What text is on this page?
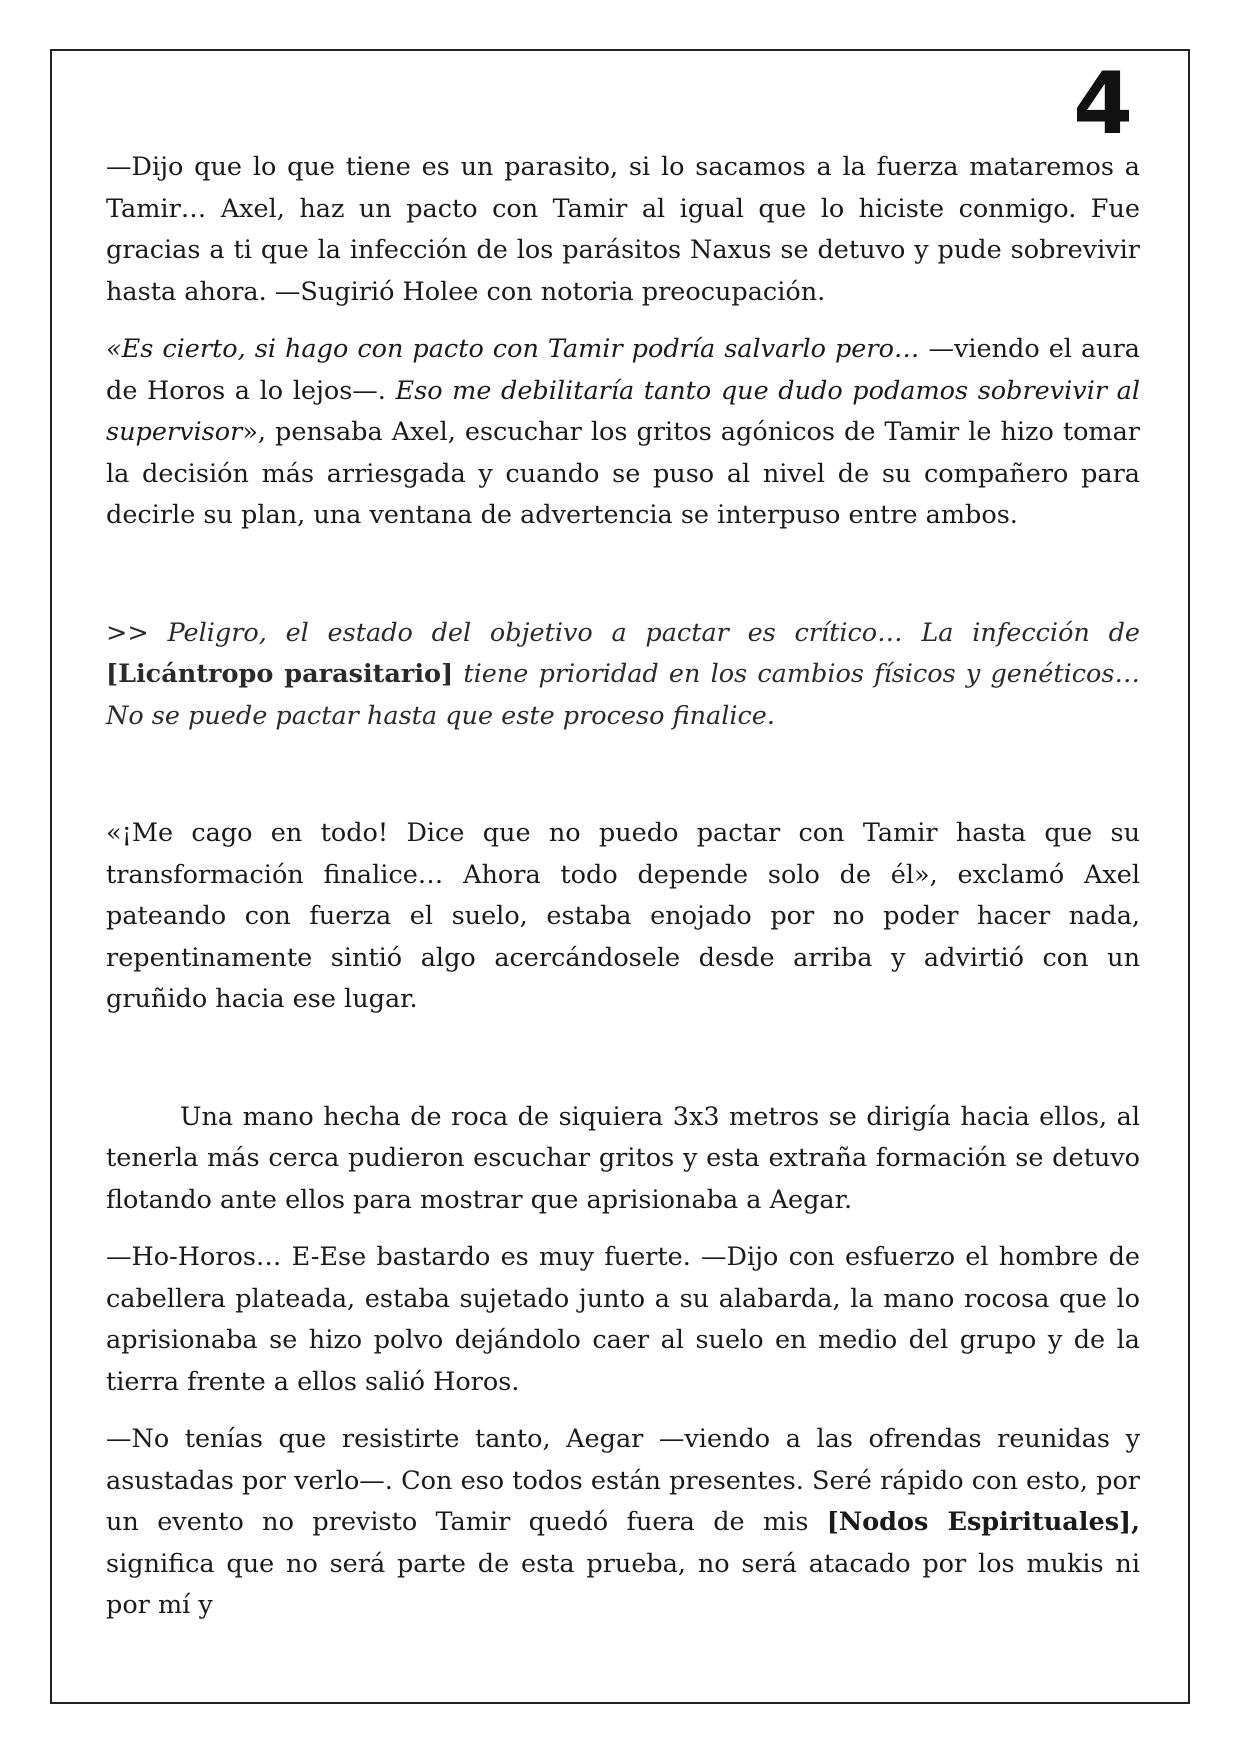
4

—Dijo que lo que tiene es un parasito, si lo sacamos a la fuerza mataremos a Tamir… Axel, haz un pacto con Tamir al igual que lo hiciste conmigo. Fue gracias a ti que la infección de los parásitos Naxus se detuvo y pude sobrevivir hasta ahora. —Sugirió Holee con notoria preocupación.

«Es cierto, si hago con pacto con Tamir podría salvarlo pero… —viendo el aura de Horos a lo lejos—. Eso me debilitaría tanto que dudo podamos sobrevivir al supervisor», pensaba Axel, escuchar los gritos agónicos de Tamir le hizo tomar la decisión más arriesgada y cuando se puso al nivel de su compañero para decirle su plan, una ventana de advertencia se interpuso entre ambos.

>> Peligro, el estado del objetivo a pactar es crítico… La infección de [Licántropo parasitario] tiene prioridad en los cambios físicos y genéticos… No se puede pactar hasta que este proceso finalice.

«¡Me cago en todo! Dice que no puedo pactar con Tamir hasta que su transformación finalice… Ahora todo depende solo de él», exclamó Axel pateando con fuerza el suelo, estaba enojado por no poder hacer nada, repentinamente sintió algo acercándosele desde arriba y advirtió con un gruñido hacia ese lugar.

Una mano hecha de roca de siquiera 3x3 metros se dirigía hacia ellos, al tenerla más cerca pudieron escuchar gritos y esta extraña formación se detuvo flotando ante ellos para mostrar que aprisionaba a Aegar.

—Ho-Horos… E-Ese bastardo es muy fuerte. —Dijo con esfuerzo el hombre de cabellera plateada, estaba sujetado junto a su alabarda, la mano rocosa que lo aprisionaba se hizo polvo dejándolo caer al suelo en medio del grupo y de la tierra frente a ellos salió Horos.

—No tenías que resistirte tanto, Aegar —viendo a las ofrendas reunidas y asustadas por verlo—. Con eso todos están presentes. Seré rápido con esto, por un evento no previsto Tamir quedó fuera de mis [Nodos Espirituales], significa que no será parte de esta prueba, no será atacado por los mukis ni por mí y
